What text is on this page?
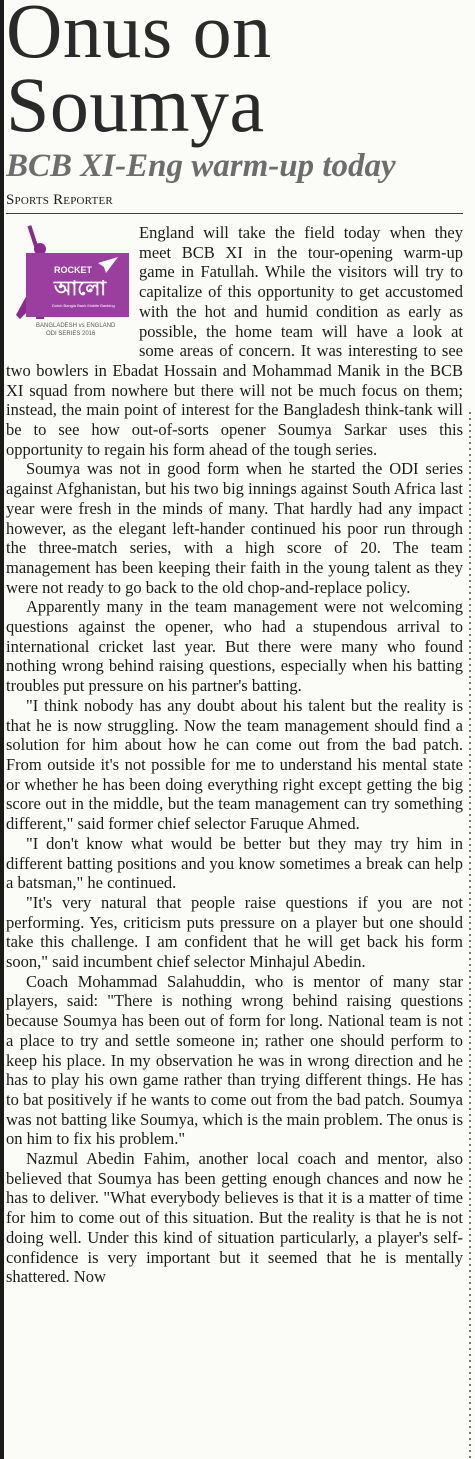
Onus on
Soumya
BCB XI-Eng warm-up today
Sports Reporter
ROCKET
আলো
Dutch Bangla Bank Mobile Banking
BANGLADESH vs ENGLAND
ODI SERIES 2016

England will take the field today when they meet BCB XI in the tour-opening warm-up game in Fatullah. While the visitors will try to capitalize of this opportunity to get accustomed with the hot and humid condition as early as possible, the home team will have a look at some areas of concern. It was interesting to see two bowlers in Ebadat Hossain and Mohammad Manik in the BCB XI squad from nowhere but there will not be much focus on them; instead, the main point of interest for the Bangladesh think-tank will be to see how out-of-sorts opener Soumya Sarkar uses this opportunity to regain his form ahead of the tough series.

Soumya was not in good form when he started the ODI series against Afghanistan, but his two big innings against South Africa last year were fresh in the minds of many. That hardly had any impact however, as the elegant left-hander continued his poor run through the three-match series, with a high score of 20. The team management has been keeping their faith in the young talent as they were not ready to go back to the old chop-and-replace policy.

Apparently many in the team management were not welcoming questions against the opener, who had a stupendous arrival to international cricket last year. But there were many who found nothing wrong behind raising questions, especially when his batting troubles put pressure on his partner's batting.

"I think nobody has any doubt about his talent but the reality is that he is now struggling. Now the team management should find a solution for him about how he can come out from the bad patch. From outside it's not possible for me to understand his mental state or whether he has been doing everything right except getting the big score out in the middle, but the team management can try something different," said former chief selector Faruque Ahmed.

"I don't know what would be better but they may try him in different batting positions and you know sometimes a break can help a batsman," he continued.

"It's very natural that people raise questions if you are not performing. Yes, criticism puts pressure on a player but one should take this challenge. I am confident that he will get back his form soon," said incumbent chief selector Minhajul Abedin.

Coach Mohammad Salahuddin, who is mentor of many star players, said: "There is nothing wrong behind raising questions because Soumya has been out of form for long. National team is not a place to try and settle someone in; rather one should perform to keep his place. In my observation he was in wrong direction and he has to play his own game rather than trying different things. He has to bat positively if he wants to come out from the bad patch. Soumya was not batting like Soumya, which is the main problem. The onus is on him to fix his problem."

Nazmul Abedin Fahim, another local coach and mentor, also believed that Soumya has been getting enough chances and now he has to deliver. "What everybody believes is that it is a matter of time for him to come out of this situation. But the reality is that he is not doing well. Under this kind of situation particularly, a player's self-confidence is very important but it seemed that he is mentally shattered. Now
